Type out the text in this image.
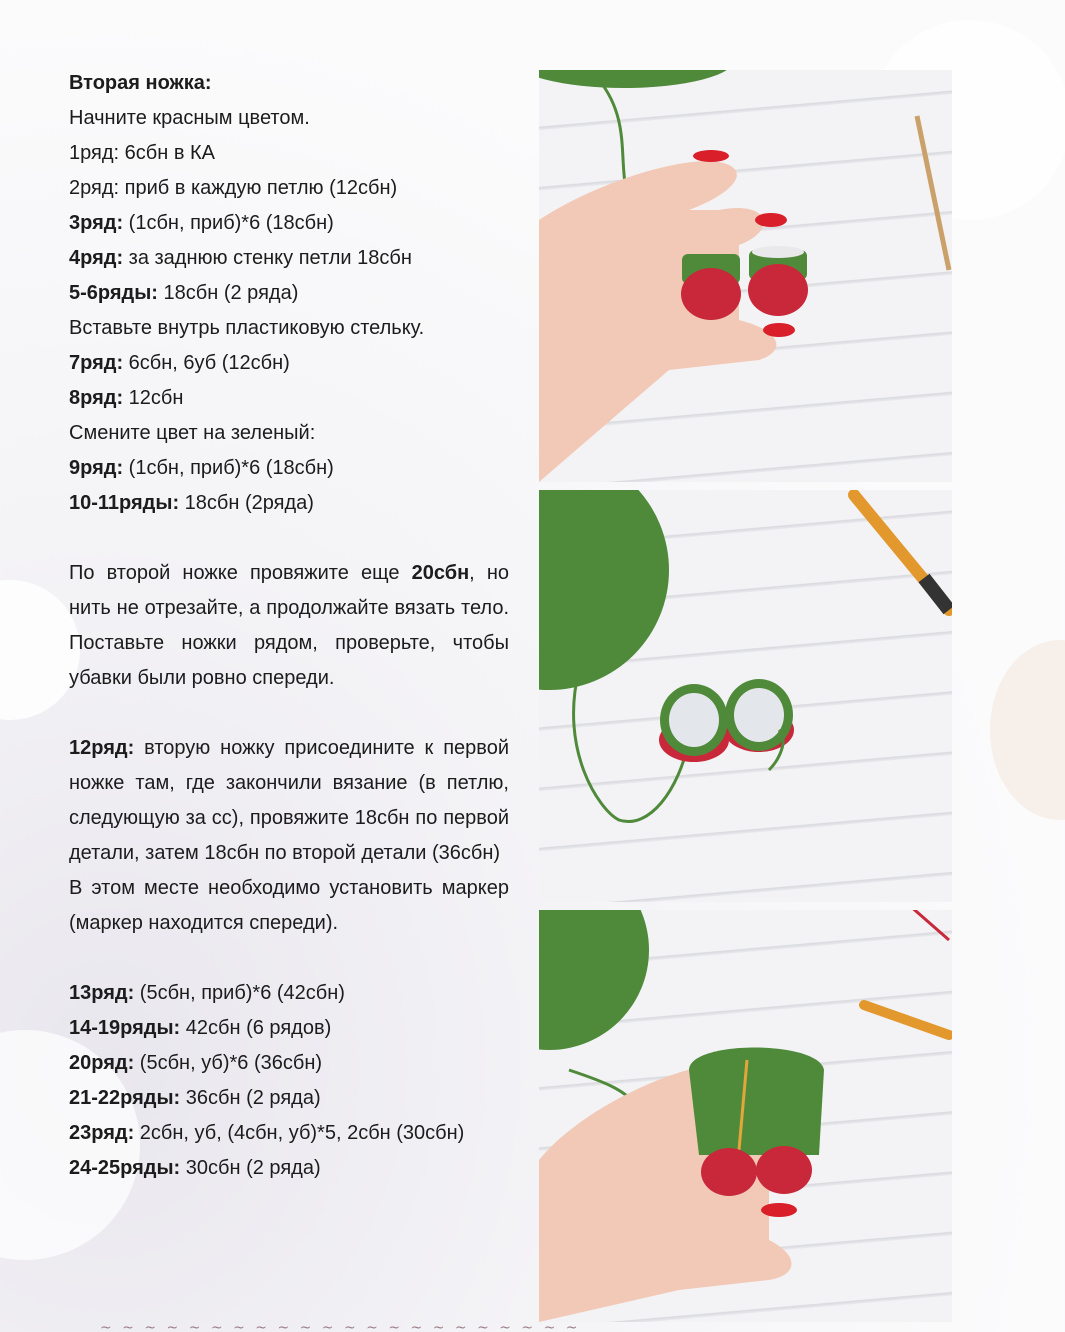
Вторая ножка:
Начните красным цветом.
1ряд: 6сбн в КА
2ряд: приб в каждую петлю (12сбн)
3ряд: (1сбн, приб)*6 (18сбн)
4ряд: за заднюю стенку петли 18сбн
5-6ряды: 18сбн (2 ряда)
Вставьте внутрь пластиковую стельку.
7ряд: 6сбн, 6уб (12сбн)
8ряд: 12сбн
Смените цвет на зеленый:
9ряд: (1сбн, приб)*6 (18сбн)
10-11ряды: 18сбн (2ряда)
По второй ножке провяжите еще 20сбн, но нить не отрезайте, а продолжайте вязать тело. Поставьте ножки рядом, проверьте, чтобы убавки были ровно спереди.
12ряд: вторую ножку присоедините к первой ножке там, где закончили вязание (в петлю, следующую за сс), провяжите 18сбн по первой детали, затем 18сбн по второй детали (36сбн)
В этом месте необходимо установить маркер (маркер находится спереди).
13ряд: (5сбн, приб)*6 (42сбн)
14-19ряды: 42сбн (6 рядов)
20ряд: (5сбн, уб)*6 (36сбн)
21-22ряды: 36сбн (2 ряда)
23ряд: 2сбн, уб, (4сбн, уб)*5, 2сбн (30сбн)
24-25ряды: 30сбн (2 ряда)
~ ~ ~ ~ ~ ~ ~ ~ ~ ~ ~ ~ ~ ~ ~ ~ ~ ~ ~ ~ ~ ~
